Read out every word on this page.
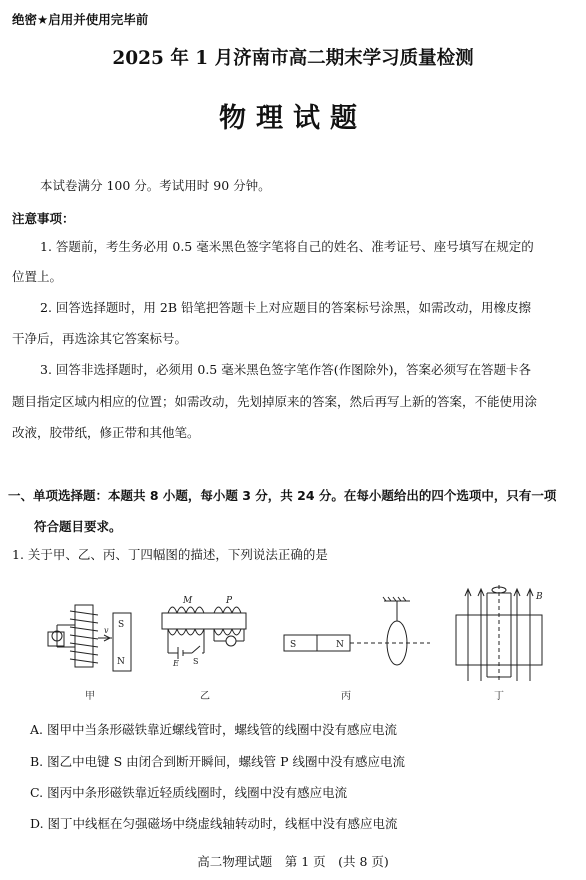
绝密★启用并使用完毕前
2025 年 1 月济南市高二期末学习质量检测
物理试题
本试卷满分 100 分。考试用时 90 分钟。
注意事项：
1. 答题前，考生务必用 0.5 毫米黑色签字笔将自己的姓名、准考证号、座号填写在规定的
位置上。
2. 回答选择题时，用 2B 铅笔把答题卡上对应题目的答案标号涂黑，如需改动，用橡皮擦
干净后，再选涂其它答案标号。
3. 回答非选择题时，必须用 0.5 毫米黑色签字笔作答(作图除外)，答案必须写在答题卡各
题目指定区域内相应的位置；如需改动，先划掉原来的答案，然后再写上新的答案，不能使用涂
改液，胶带纸，修正带和其他笔。
一、单项选择题：本题共 8 小题，每小题 3 分，共 24 分。在每小题给出的四个选项中，只有一项
符合题目要求。
1. 关于甲、乙、丙、丁四幅图的描述，下列说法正确的是
S
v
N
M	P
E S
S	N
B
甲	乙	丙	丁
A. 图甲中当条形磁铁靠近螺线管时，螺线管的线圈中没有感应电流
B. 图乙中电键 S 由闭合到断开瞬间，螺线管 P 线圈中没有感应电流
C. 图丙中条形磁铁靠近轻质线圈时，线圈中没有感应电流
D. 图丁中线框在匀强磁场中绕虚线轴转动时，线框中没有感应电流
高二物理试题　第 1 页　(共 8 页)
